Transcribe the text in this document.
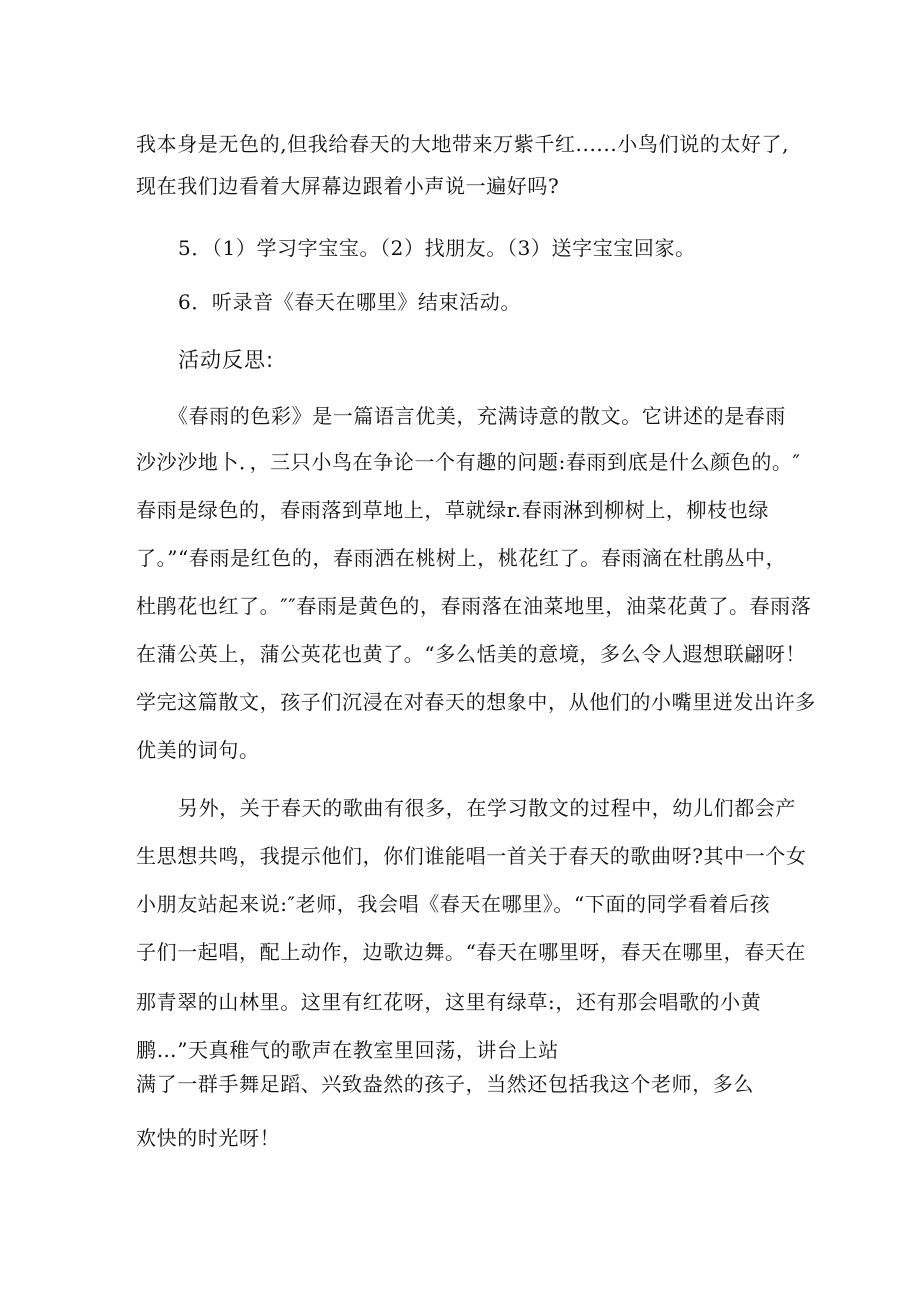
我本身是无色的,但我给春天的大地带来万紫千红......小鸟们说的太好了,
现在我们边看着大屏幕边跟着小声说一遍好吗?
5．（1）学习字宝宝。（2）找朋友。（3）送字宝宝回家。
6．听录音《春天在哪里》结束活动。
活动反思:
《春雨的色彩》是一篇语言优美，充满诗意的散文。它讲述的是春雨
沙沙沙地卜．，三只小鸟在争论一个有趣的问题:春雨到底是什么颜色的。″
春雨是绿色的，春雨落到草地上，草就绿r.春雨淋到柳树上，柳枝也绿
了。”“春雨是红色的，春雨洒在桃树上，桃花红了。春雨滴在杜鹃丛中，
杜鹃花也红了。″″春雨是黄色的，春雨落在油菜地里，油菜花黄了。春雨落
在蒲公英上，蒲公英花也黄了。“多么恬美的意境，多么令人遐想联翩呀！
学完这篇散文，孩子们沉浸在对春天的想象中，从他们的小嘴里迸发出许多
优美的词句。
另外，关于春天的歌曲有很多，在学习散文的过程中，幼儿们都会产
生思想共鸣，我提示他们，你们谁能唱一首关于春天的歌曲呀?其中一个女
小朋友站起来说:″老师，我会唱《春天在哪里》。“下面的同学看着后孩
子们一起唱，配上动作，边歌边舞。“春天在哪里呀，春天在哪里，春天在
那青翠的山林里。这里有红花呀，这里有绿草:，还有那会唱歌的小黄
鹏…”天真稚气的歌声在教室里回荡，讲台上站
满了一群手舞足蹈、兴致盎然的孩子，当然还包括我这个老师，多么
欢快的时光呀！
